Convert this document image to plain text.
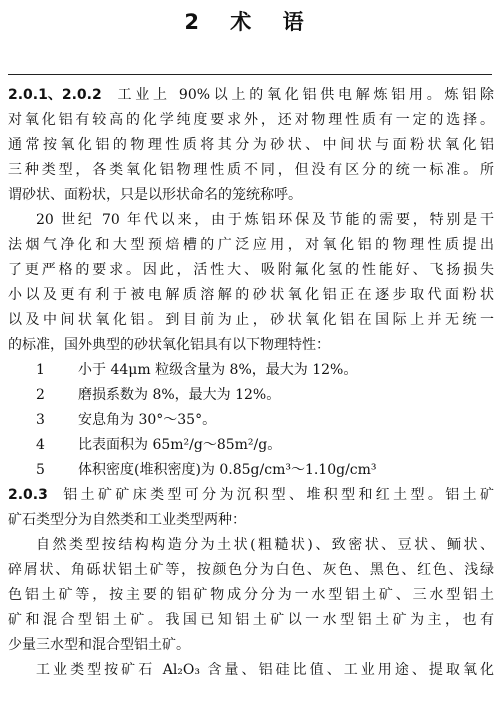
2 术 语
2.0.1、2.0.2 工业上 90%以上的氧化铝供电解炼铝用。炼铝除
对氧化铝有较高的化学纯度要求外，还对物理性质有一定的选择。
通常按氧化铝的物理性质将其分为砂状、中间状与面粉状氧化铝
三种类型，各类氧化铝物理性质不同，但没有区分的统一标准。所
谓砂状、面粉状，只是以形状命名的笼统称呼。
20 世纪 70 年代以来，由于炼铝环保及节能的需要，特别是干
法烟气净化和大型预焙槽的广泛应用，对氧化铝的物理性质提出
了更严格的要求。因此，活性大、吸附氟化氢的性能好、飞扬损失
小以及更有利于被电解质溶解的砂状氧化铝正在逐步取代面粉状
以及中间状氧化铝。到目前为止，砂状氧化铝在国际上并无统一
的标准，国外典型的砂状氧化铝具有以下物理特性：
1 小于 44μm 粒级含量为 8%，最大为 12%。
2 磨损系数为 8%，最大为 12%。
3 安息角为 30°～35°。
4 比表面积为 65m²/g～85m²/g。
5 体积密度(堆积密度)为 0.85g/cm³～1.10g/cm³
2.0.3 铝土矿矿床类型可分为沉积型、堆积型和红土型。铝土矿
矿石类型分为自然类和工业类型两种：
自然类型按结构构造分为土状(粗糙状)、致密状、豆状、鲕状、
碎屑状、角砾状铝土矿等，按颜色分为白色、灰色、黑色、红色、浅绿
色铝土矿等，按主要的铝矿物成分分为一水型铝土矿、三水型铝土
矿和混合型铝土矿。我国已知铝土矿以一水型铝土矿为主，也有
少量三水型和混合型铝土矿。
工业类型按矿石 Al₂O₃ 含量、铝硅比值、工业用途、提取氧化
